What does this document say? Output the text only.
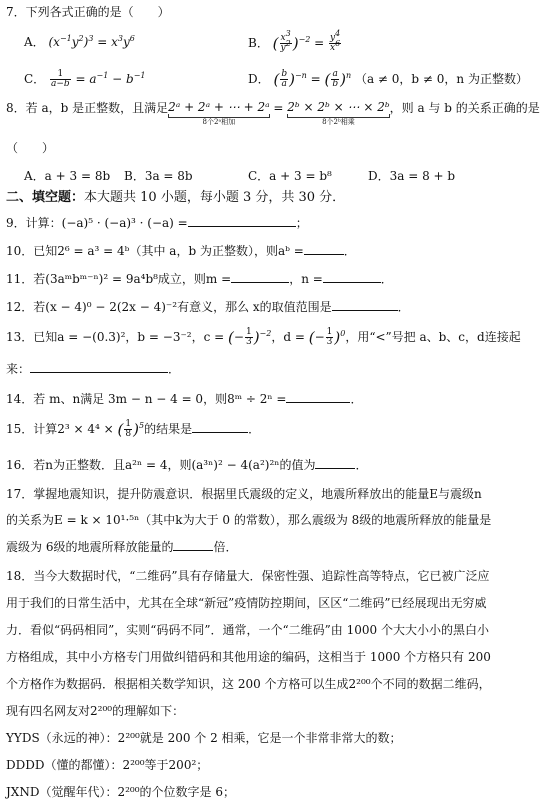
7．下列各式正确的是（　　）
A． $(x^{-1}y^2)^3 = x^3y^6$	B． ( $\frac{x^3}{y^2} )^{-2} = \frac{y^4}{x^6}$
C． $\frac{1}{a-b} = a^{-1} - b^{-1}$	D． ( $\frac{b}{a} )^{-n}$ = ( $\frac{a}{b} )^n$ （a ≠ 0，b ≠ 0，n 为正整数）
8．若 a，b 是正整数，且满足 2ᵃ + 2ᵃ + ⋯ + 2ᵃ
8个2ᵃ相加
= 2ᵇ × 2ᵇ × ⋯ × 2ᵇ
8个2ᵇ相乘
，则 a 与 b 的关系正确的是
（　　）
A．a + 3 = 8b B．3a = 8b	C．a + 3 = b⁸	D．3a = 8 + b
二、填空题：本大题共 10 小题，每小题 3 分，共 30 分．
9．计算：(−a)⁵ · (−a)³ · (−a) =	；
10．已知2⁶ = a³ = 4ᵇ（其中 a，b 为正整数），则aᵇ =	．
11．若(3aᵐbᵐ⁻ⁿ)² = 9a⁴b⁸成立，则m =	，n =	．
12．若(x − 4)⁰ − 2(2x − 4)⁻²有意义，那么 x的取值范围是	．
13．已知a = −(0.3)²，b = −3⁻²，c = (− $\frac{1}{3} )^{-2}$，d = (− $\frac{1}{3} )^0$，用“<”号把 a、b、c，d连接起
来：	．
14．若 m、n满足 3m − n − 4 = 0，则8ᵐ ÷ 2ⁿ =	．
15．计算2³ × 4⁴ × ( $\frac{1}{8} )^5$的结果是	．
16．若n为正整数．且a²ⁿ = 4，则(a³ⁿ)² − 4(a²)²ⁿ的值为	．
17．掌握地震知识，提升防震意识．根据里氏震级的定义，地震所释放出的能量E与震级n
的关系为E = k × 10¹·⁵ⁿ（其中k为大于 0 的常数），那么震级为 8级的地震所释放的能量是
震级为 6级的地震所释放能量的	倍．
18．当今大数据时代，“二维码”具有存储量大．保密性强、追踪性高等特点，它已被广泛应
用于我们的日常生活中，尤其在全球“新冠”疫情防控期间，区区“二维码”已经展现出无穷威
力．看似“码码相同”，实则“码码不同”．通常，一个“二维码”由 1000 个大大小小的黑白小
方格组成，其中小方格专门用做纠错码和其他用途的编码，这相当于 1000 个方格只有 200
个方格作为数据码．根据相关数学知识，这 200 个方格可以生成2²⁰⁰个不同的数据二维码，
现有四名网友对2²⁰⁰的理解如下：
YYDS（永远的神）：2²⁰⁰就是 200 个 2 相乘，它是一个非常非常大的数；
DDDD（懂的都懂）：2²⁰⁰等于200²；
JXND（觉醒年代）：2²⁰⁰的个位数字是 6；
